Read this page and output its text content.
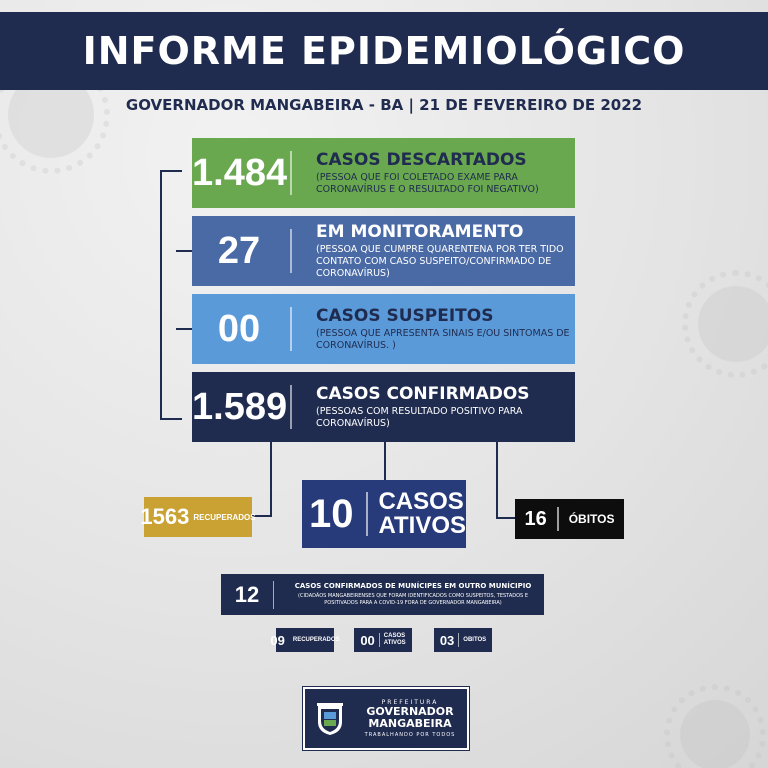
INFORME EPIDEMIOLÓGICO
GOVERNADOR MANGABEIRA - BA | 21 DE FEVEREIRO DE 2022
1.484 CASOS DESCARTADOS
(PESSOA QUE FOI COLETADO EXAME PARA CORONAVÍRUS E O RESULTADO FOI NEGATIVO)
27	EM MONITORAMENTO
(PESSOA QUE CUMPRE QUARENTENA POR TER TIDO CONTATO COM CASO SUSPEITO/CONFIRMADO DE CORONAVÍRUS)
00	CASOS SUSPEITOS
(PESSOA QUE APRESENTA SINAIS E/OU SINTOMAS DE CORONAVÍRUS. )
1.589 CASOS CONFIRMADOS
(PESSOAS COM RESULTADO POSITIVO PARA CORONAVÍRUS)
1563 RECUPERADOS 10 CASOS
ATIVOS	16 ÓBITOS
12	CASOS CONFIRMADOS DE MUNÍCIPES EM OUTRO MUNÍCIPIO
(CIDADÃOS MANGABEIRENSES QUE FORAM IDENTIFICADOS COMO SUSPEITOS, TESTADOS E POSITIVADOS PARA A COVID-19 FORA DE GOVERNADOR MANGABEIRA)
09 RECUPERADOS 00 CASOS
ATIVOS	03 OBITOS
PREFEITURA
GOVERNADOR
MANGABEIRA
TRABALHANDO POR TODOS
